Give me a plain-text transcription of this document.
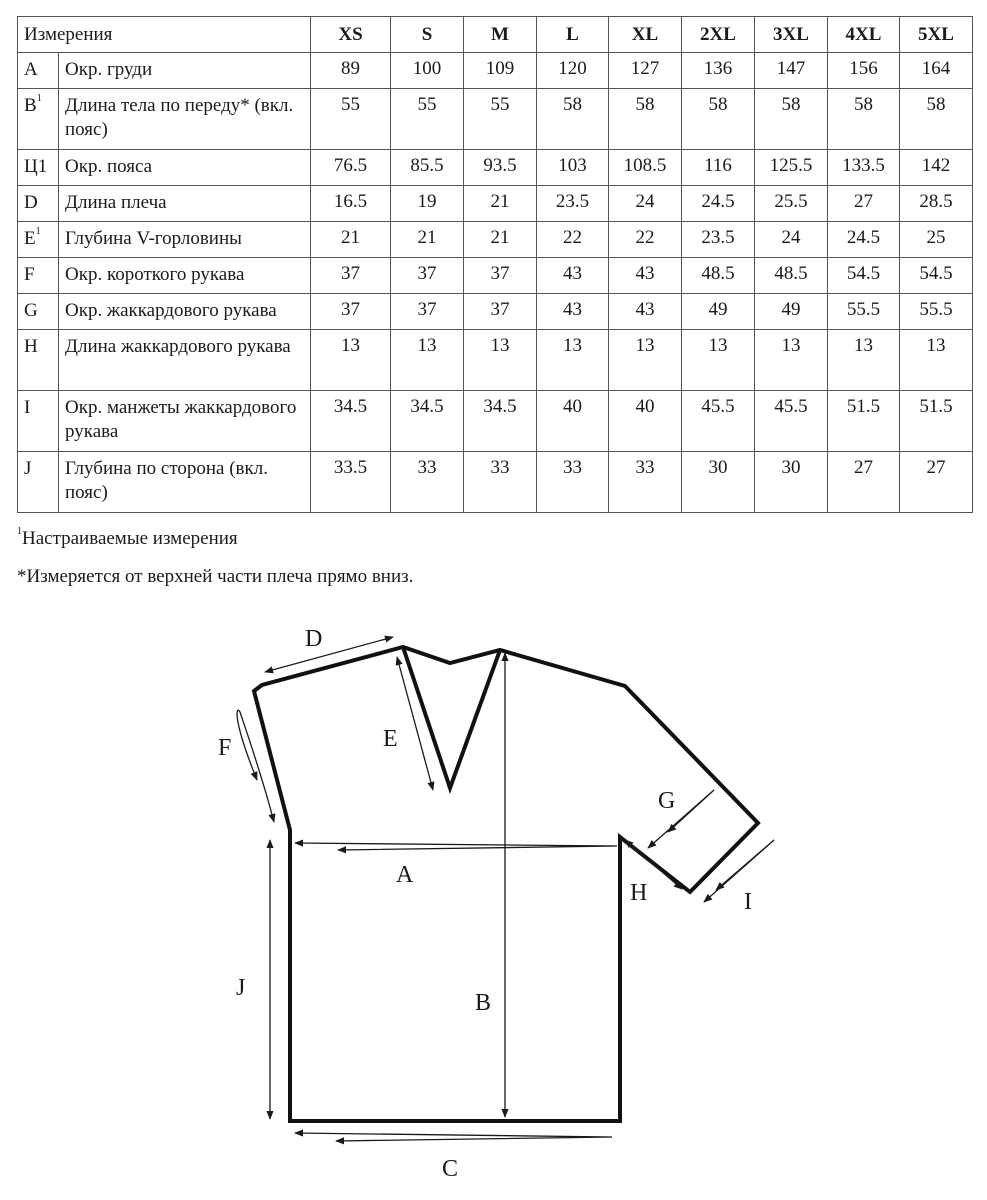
Измерения		XS	S	M	L	XL	2XL	3XL	4XL	5XL
A	Окр. груди	89	100	109	120	127	136	147	156	164
$B^1$	Длина тела по переду* (вкл. пояс)	55	55	55	58	58	58	58	58	58
Ц1	Окр. пояса	76.5	85.5	93.5	103	108.5	116	125.5	133.5	142
D	Длина плеча	16.5	19	21	23.5	24	24.5	25.5	27	28.5
$E^1$	Глубина V-горловины	21	21	21	22	22	23.5	24	24.5	25
F	Окр. короткого рукава	37	37	37	43	43	48.5	48.5	54.5	54.5
G	Окр. жаккардового рукава	37	37	37	43	43	49	49	55.5	55.5
H	Длина жаккардового рукава	13	13	13	13	13	13	13	13	13
I	Окр. манжеты жаккардового рукава	34.5	34.5	34.5	40	40	45.5	45.5	51.5	51.5
J	Глубина по сторона (вкл. пояс)	33.5	33	33	33	33	30	30	27	27
$^1$Настраиваемые измерения
*Измеряется от верхней части плеча прямо вниз.
D
E
F
G
A
H	I
J
B
C
